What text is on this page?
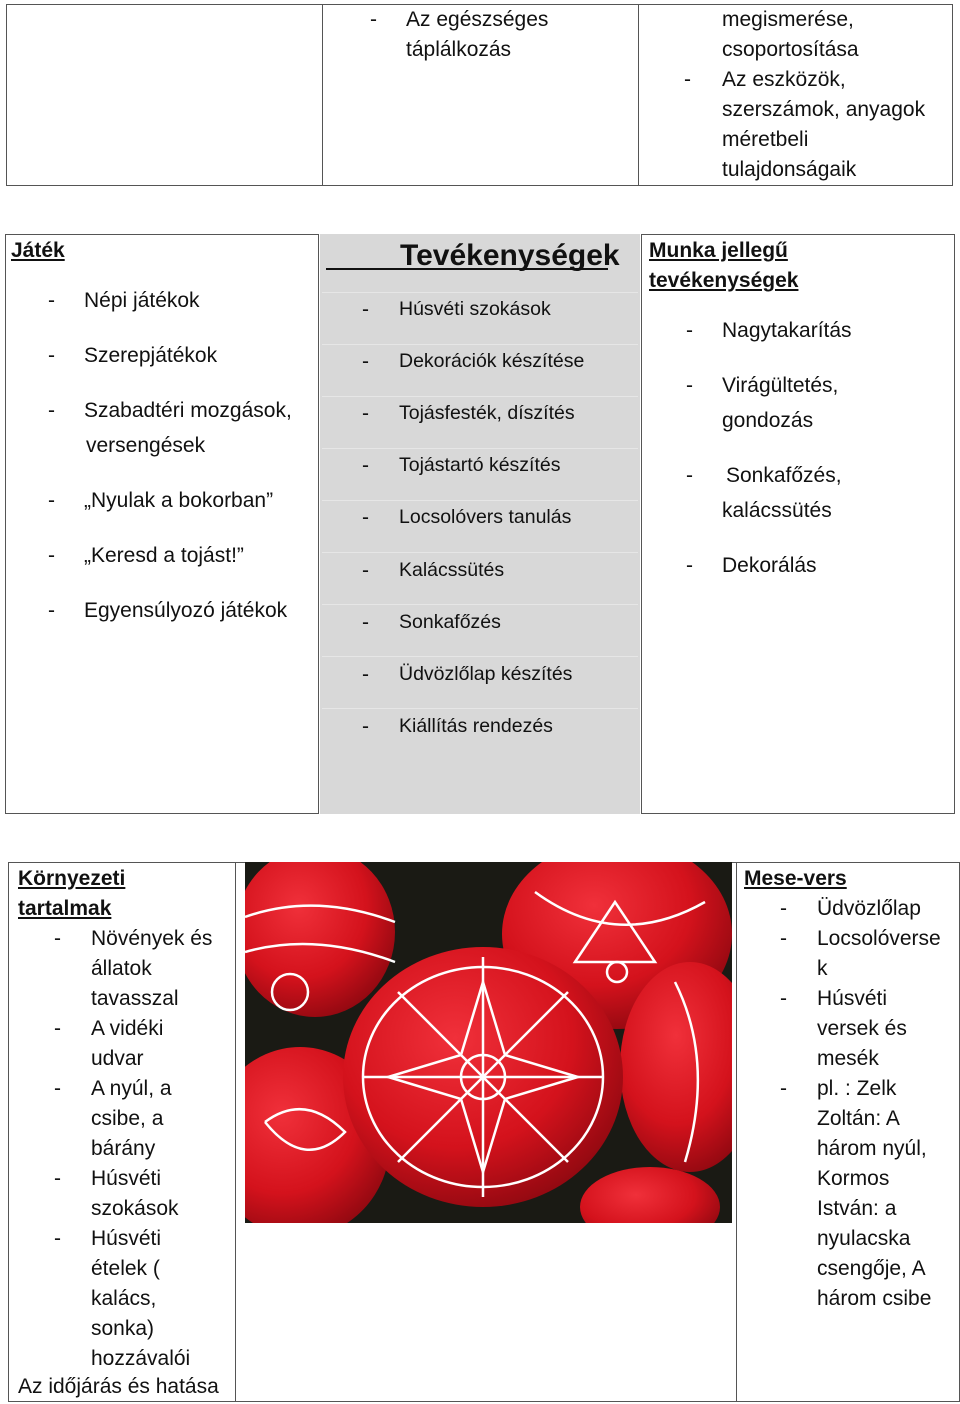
- Az egészséges
táplálkozás
megismerése,
csoportosítása
- Az eszközök,
szerszámok, anyagok
méretbeli
tulajdonságaik
Játék
- Népi játékok
- Szerepjátékok
- Szabadtéri mozgások,
versengések
- „Nyulak a bokorban”
- „Keresd a tojást!”
- Egyensúlyozó játékok
Tevékenységek
- Húsvéti szokások
- Dekorációk készítése
- Tojásfesték, díszítés
- Tojástartó készítés
- Locsolóvers tanulás
- Kalácssütés
- Sonkafőzés
- Üdvözlőlap készítés
- Kiállítás rendezés
Munka jellegű
tevékenységek
- Nagytakarítás
- Virágültetés,
gondozás
- Sonkafőzés,
kalácssütés
- Dekorálás
Környezeti
tartalmak
- Növények és
állatok
tavasszal
- A vidéki
udvar
- A nyúl, a
csibe, a
bárány
- Húsvéti
szokások
- Húsvéti
ételek (
kalács,
sonka)
hozzávalói
Az időjárás és hatása
Mese-vers
- Üdvözlőlap
- Locsolóverse
k
- Húsvéti
versek és
mesék
- pl. : Zelk
Zoltán: A
három nyúl,
Kormos
István: a
nyulacska
csengője, A
három csibe
